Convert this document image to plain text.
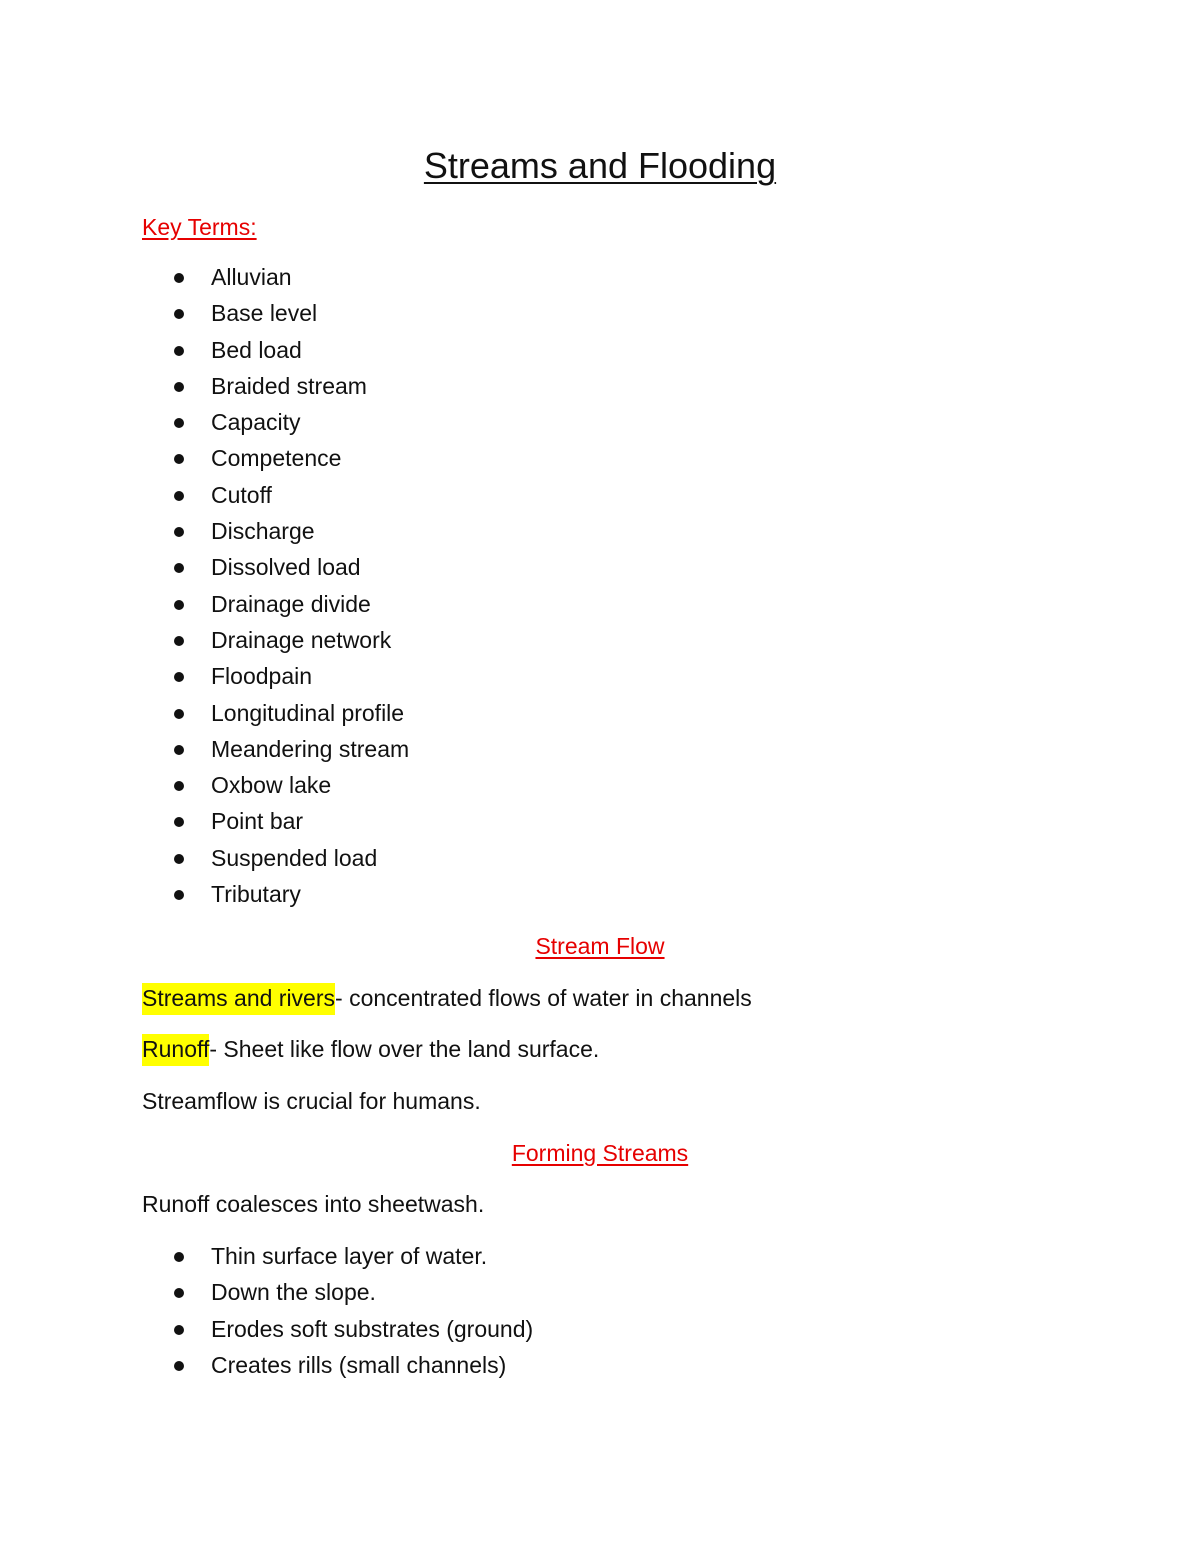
Streams and Flooding
Key Terms:
Alluvian
Base level
Bed load
Braided stream
Capacity
Competence
Cutoff
Discharge
Dissolved load
Drainage divide
Drainage network
Floodpain
Longitudinal profile
Meandering stream
Oxbow lake
Point bar
Suspended load
Tributary
Stream Flow
Streams and rivers- concentrated flows of water in channels
Runoff- Sheet like flow over the land surface.
Streamflow is crucial for humans.
Forming Streams
Runoff coalesces into sheetwash.
Thin surface layer of water.
Down the slope.
Erodes soft substrates (ground)
Creates rills (small channels)
